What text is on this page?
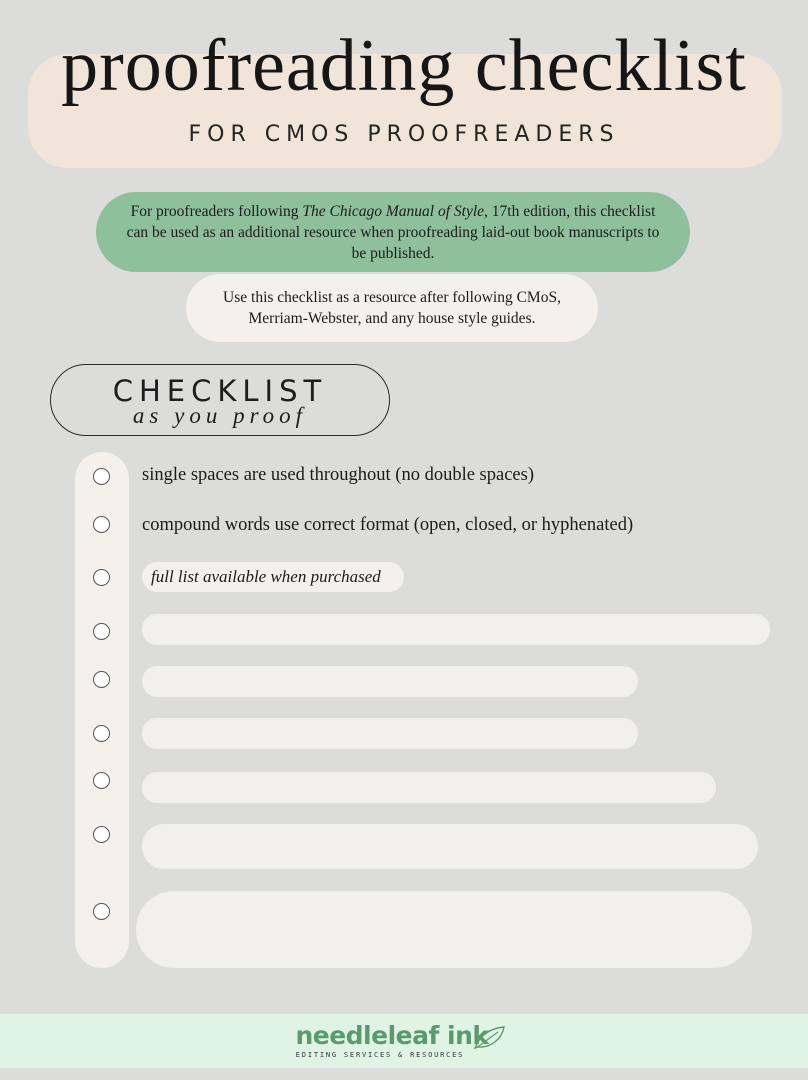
proofreading checklist
FOR CMOS PROOFREADERS
For proofreaders following The Chicago Manual of Style, 17th edition, this checklist can be used as an additional resource when proofreading laid-out book manuscripts to be published.
Use this checklist as a resource after following CMoS, Merriam-Webster, and any house style guides.
CHECKLIST
as you proof
single spaces are used throughout (no double spaces)
compound words use correct format (open, closed, or hyphenated)
full list available when purchased
needleleaf ink
EDITING SERVICES & RESOURCES
